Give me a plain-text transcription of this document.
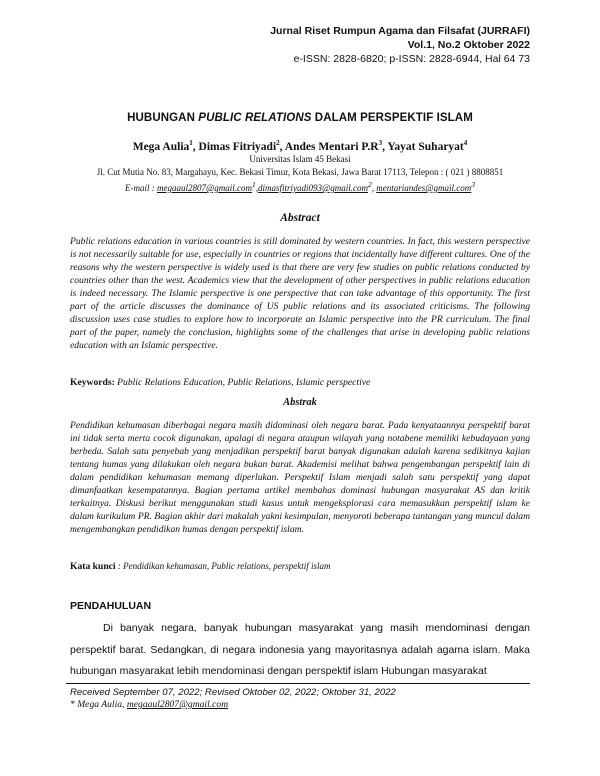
Jurnal Riset Rumpun Agama dan Filsafat (JURRAFI)
Vol.1, No.2 Oktober 2022
e-ISSN: 2828-6820; p-ISSN: 2828-6944, Hal 64 73
HUBUNGAN PUBLIC RELATIONS DALAM PERSPEKTIF ISLAM
Mega Aulia$^1$, Dimas Fitriyadi$^2$, Andes Mentari $P.R^3$, Yayat Suharyat$^4$
Universitas Islam 45 Bekasi
Jl. Cut Mutia No. 83, Margahayu, Kec. Bekasi Timur, Kota Bekasi, Jawa Barat 17113, Telepon : ( 021 ) 8808851
E-mail : megaaul2807@gmail.com$^1$,dimasfitriyadi093@gmail.com$^2$, mentariandes@gmail.com$^3$
Abstract
Public relations education in various countries is still dominated by western countries. In fact, this western perspective is not necessarily suitable for use, especially in countries or regions that incidentally have different cultures. One of the reasons why the western perspective is widely used is that there are very few studies on public relations conducted by countries other than the west. Academics view that the development of other perspectives in public relations education is indeed necessary. The Islamic perspective is one perspective that can take advantage of this opportunity. The first part of the article discusses the dominance of US public relations and its associated criticisms. The following discussion uses case studies to explore how to incorporate an Islamic perspective into the PR curriculum. The final part of the paper, namely the conclusion, highlights some of the challenges that arise in developing public relations education with an Islamic perspective.
Keywords: Public Relations Education, Public Relations, Islamic perspective
Abstrak
Pendidikan kehumasan diberbagai negara masih didominasi oleh negara barat. Pada kenyataannya perspektif barat ini tidak serta merta cocok digunakan, apalagi di negara ataupun wilayah yang notabene memiliki kebudayaan yang berbeda. Salah satu penyebab yang menjadikan perspektif barat banyak digunakan adalah karena sedikitnya kajian tentang humas yang dilakukan oleh negara bukan barat. Akademisi melihat bahwa pengembangan perspektif lain di dalam pendidikan kehumasan memang diperlukan. Perspektif Islam menjadi salah satu perspektif yang dapat dimanfaatkan kesempatannya. Bagian pertama artikel membahas dominasi hubungan masyarakat AS dan kritik terkaitnya. Diskusi berikut menggunakan studi kasus untuk mengeksplorasi cara memasukkan perspektif islam ke dalam kurikulum PR. Bagian akhir dari makalah yakni kesimpulan, menyoroti beberapa tantangan yang muncul dalam mengembangkan pendidikan humas dengan perspektif islam.
Kata kunci : Pendidikan kehumasan, Public relations, perspektif islam
PENDAHULUAN
Di banyak negara, banyak hubungan masyarakat yang masih mendominasi dengan perspektif barat. Sedangkan, di negara indonesia yang mayoritasnya adalah agama islam. Maka hubungan masyarakat lebih mendominasi dengan perspektif islam Hubungan masyarakat
Received September 07, 2022; Revised Oktober 02, 2022; Oktober 31, 2022
* Mega Aulia, megaaul2807@gmail.com
